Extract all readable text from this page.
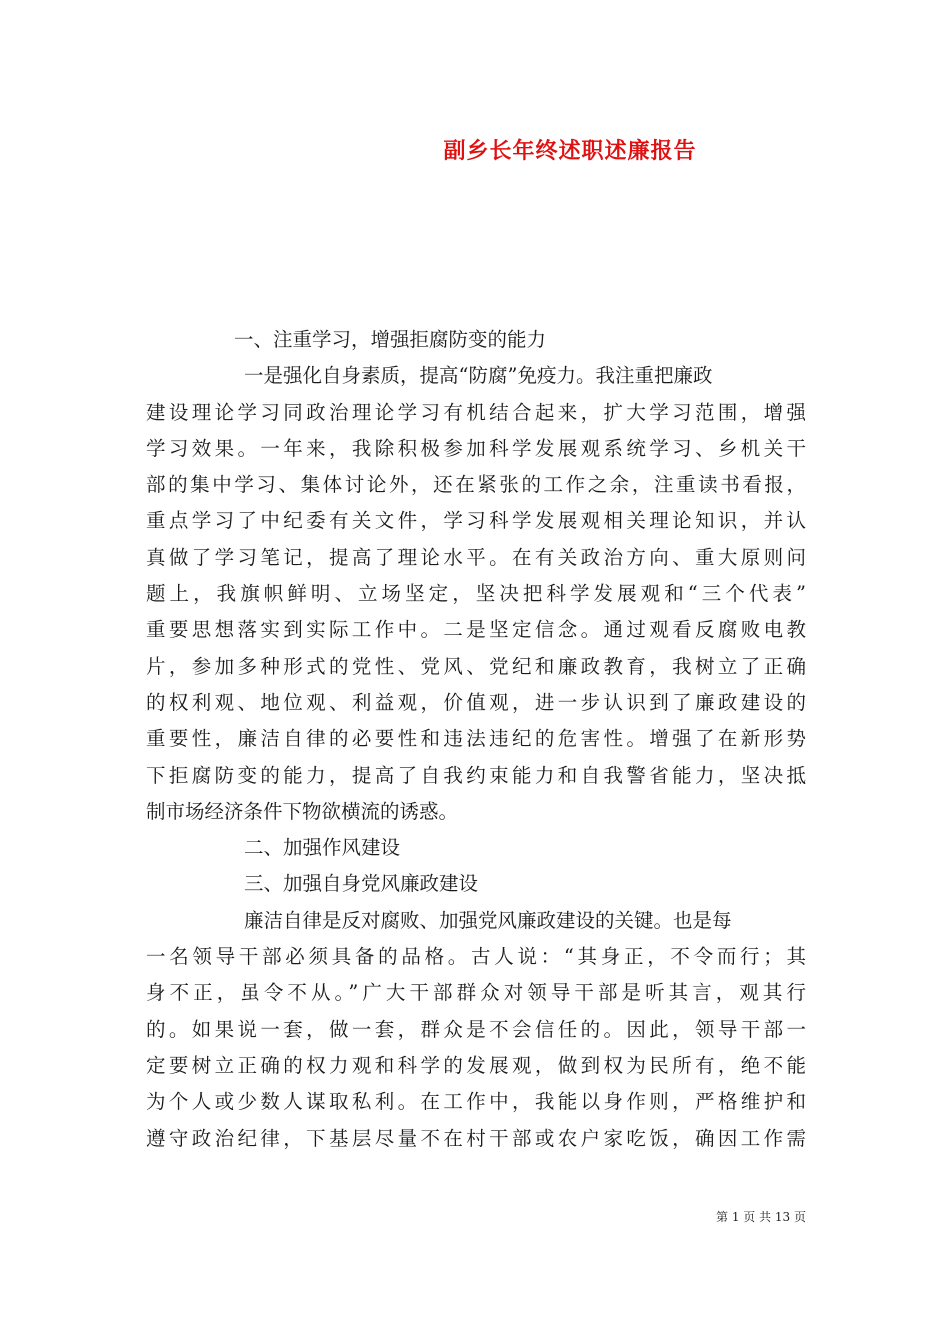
副乡长年终述职述廉报告
一、注重学习，增强拒腐防变的能力
一是强化自身素质，提高“防腐”免疫力。我注重把廉政
建设理论学习同政治理论学习有机结合起来，扩大学习范围，增强
学习效果。一年来，我除积极参加科学发展观系统学习、乡机关干
部的集中学习、集体讨论外，还在紧张的工作之余，注重读书看报，
重点学习了中纪委有关文件，学习科学发展观相关理论知识，并认
真做了学习笔记，提高了理论水平。在有关政治方向、重大原则问
题上，我旗帜鲜明、立场坚定，坚决把科学发展观和“三个代表”
重要思想落实到实际工作中。二是坚定信念。通过观看反腐败电教
片，参加多种形式的党性、党风、党纪和廉政教育，我树立了正确
的权利观、地位观、利益观，价值观，进一步认识到了廉政建设的
重要性，廉洁自律的必要性和违法违纪的危害性。增强了在新形势
下拒腐防变的能力，提高了自我约束能力和自我警省能力，坚决抵
制市场经济条件下物欲横流的诱惑。
二、加强作风建设
三、加强自身党风廉政建设
廉洁自律是反对腐败、加强党风廉政建设的关键。也是每
一名领导干部必须具备的品格。古人说：“其身正，不令而行；其
身不正，虽令不从。”广大干部群众对领导干部是听其言，观其行
的。如果说一套，做一套，群众是不会信任的。因此，领导干部一
定要树立正确的权力观和科学的发展观，做到权为民所有，绝不能
为个人或少数人谋取私利。在工作中，我能以身作则，严格维护和
遵守政治纪律，下基层尽量不在村干部或农户家吃饭，确因工作需
第 1 页 共 13 页
